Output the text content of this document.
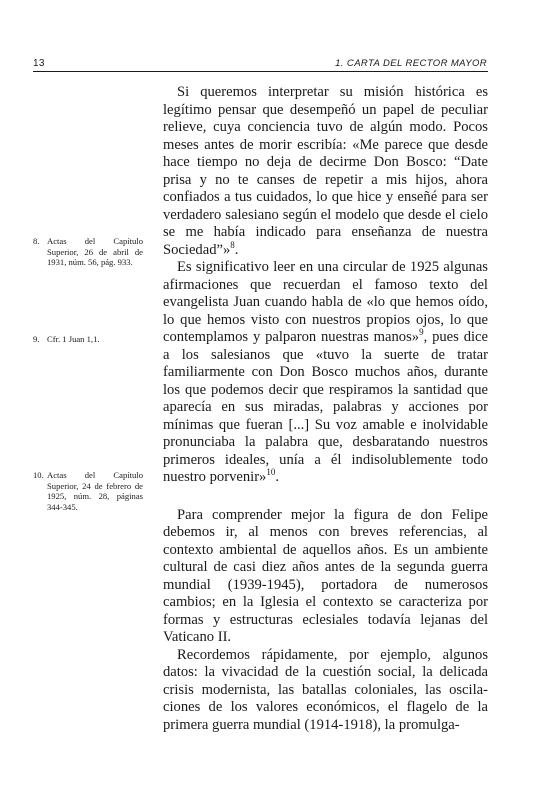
13	1. CARTA DEL RECTOR MAYOR
8. Actas del Capítulo Superior, 26 de abril de 1931, núm. 56, pág. 933.
9. Cfr. 1 Juan 1,1.
10. Actas del Capítulo Superior, 24 de febrero de 1925, núm. 28, páginas 344-345.

Si queremos interpretar su misión histórica es legítimo pensar que desempeñó un papel de peculiar relieve, cuya conciencia tuvo de algún modo. Pocos meses antes de morir escribía: «Me parece que desde hace tiempo no deja de decirme Don Bosco: “Date prisa y no te canses de repetir a mis hijos, ahora confiados a tus cuidados, lo que hice y enseñé para ser verdadero salesiano según el modelo que desde el cielo se me había indicado para enseñanza de nuestra Sociedad”»$^8$.

Es significativo leer en una circular de 1925 algunas afirmaciones que recuerdan el famoso texto del evangelista Juan cuando habla de «lo que hemos oído, lo que hemos visto con nuestros propios ojos, lo que contemplamos y palparon nuestras manos»$^9$, pues dice a los salesianos que «tuvo la suerte de tratar familiarmente con Don Bosco muchos años, durante los que podemos decir que respiramos la santidad que aparecía en sus miradas, palabras y acciones por mínimas que fueran [...] Su voz amable e inolvidable pronunciaba la palabra que, desbaratando nuestros primeros ideales, unía a él indisolublemente todo nuestro porvenir»$^{10}$.

Para comprender mejor la figura de don Felipe debemos ir, al menos con breves referencias, al contexto ambiental de aquellos años. Es un ambiente cultural de casi diez años antes de la segunda guerra mundial (1939-1945), portadora de numerosos cambios; en la Iglesia el contexto se caracteriza por formas y estructuras eclesiales todavía lejanas del Vaticano II.

Recordemos rápidamente, por ejemplo, algunos datos: la vivacidad de la cuestión social, la delicada crisis modernista, las batallas coloniales, las oscilaciones de los valores económicos, el flagelo de la primera guerra mundial (1914-1918), la promulga-
